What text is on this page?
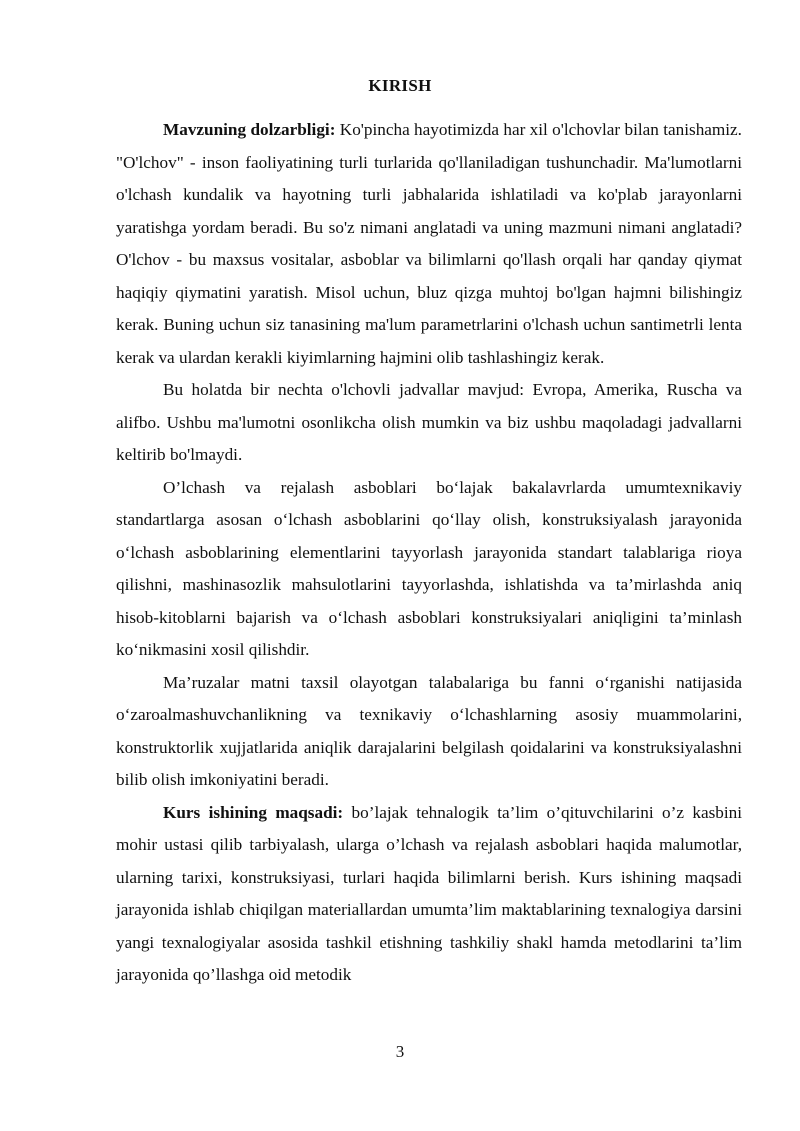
KIRISH

Mavzuning dolzarbligi: Ko'pincha hayotimizda har xil o'lchovlar bilan tanishamiz. "O'lchov" - inson faoliyatining turli turlarida qo'llaniladigan tushunchadir. Ma'lumotlarni o'lchash kundalik va hayotning turli jabhalarida ishlatiladi va ko'plab jarayonlarni yaratishga yordam beradi. Bu so'z nimani anglatadi va uning mazmuni nimani anglatadi? O'lchov - bu maxsus vositalar, asboblar va bilimlarni qo'llash orqali har qanday qiymat haqiqiy qiymatini yaratish. Misol uchun, bluz qizga muhtoj bo'lgan hajmni bilishingiz kerak. Buning uchun siz tanasining ma'lum parametrlarini o'lchash uchun santimetrli lenta kerak va ulardan kerakli kiyimlarning hajmini olib tashlashingiz kerak.

Bu holatda bir nechta o'lchovli jadvallar mavjud: Evropa, Amerika, Ruscha va alifbo. Ushbu ma'lumotni osonlikcha olish mumkin va biz ushbu maqoladagi jadvallarni keltirib bo'lmaydi.

O’lchash va rejalash asboblari bo‘lajak bakalavrlarda umumtexnikaviy standartlarga asosan o‘lchash asboblarini qo‘llay olish, konstruksiyalash jarayonida o‘lchash asboblarining elementlarini tayyorlash jarayonida standart talablariga rioya qilishni, mashinasozlik mahsulotlarini tayyorlashda, ishlatishda va ta’mirlashda aniq hisob-kitoblarni bajarish va o‘lchash asboblari konstruksiyalari aniqligini ta’minlash ko‘nikmasini xosil qilishdir.

Ma’ruzalar matni taxsil olayotgan talabalariga bu fanni o‘rganishi natijasida o‘zaroalmashuvchanlikning va texnikaviy o‘lchashlarning asosiy muammolarini, konstruktorlik xujjatlarida aniqlik darajalarini belgilash qoidalarini va konstruksiyalashni bilib olish imkoniyatini beradi.

Kurs ishining maqsadi: bo’lajak tehnalogik ta’lim o’qituvchilarini o’z kasbini mohir ustasi qilib tarbiyalash, ularga o’lchash va rejalash asboblari haqida malumotlar, ularning tarixi, konstruksiyasi, turlari haqida bilimlarni berish. Kurs ishining maqsadi jarayonida ishlab chiqilgan materiallardan umumta’lim maktablarining texnalogiya darsini yangi texnalogiyalar asosida tashkil etishning tashkiliy shakl hamda metodlarini ta’lim jarayonida qo’llashga oid metodik

3
